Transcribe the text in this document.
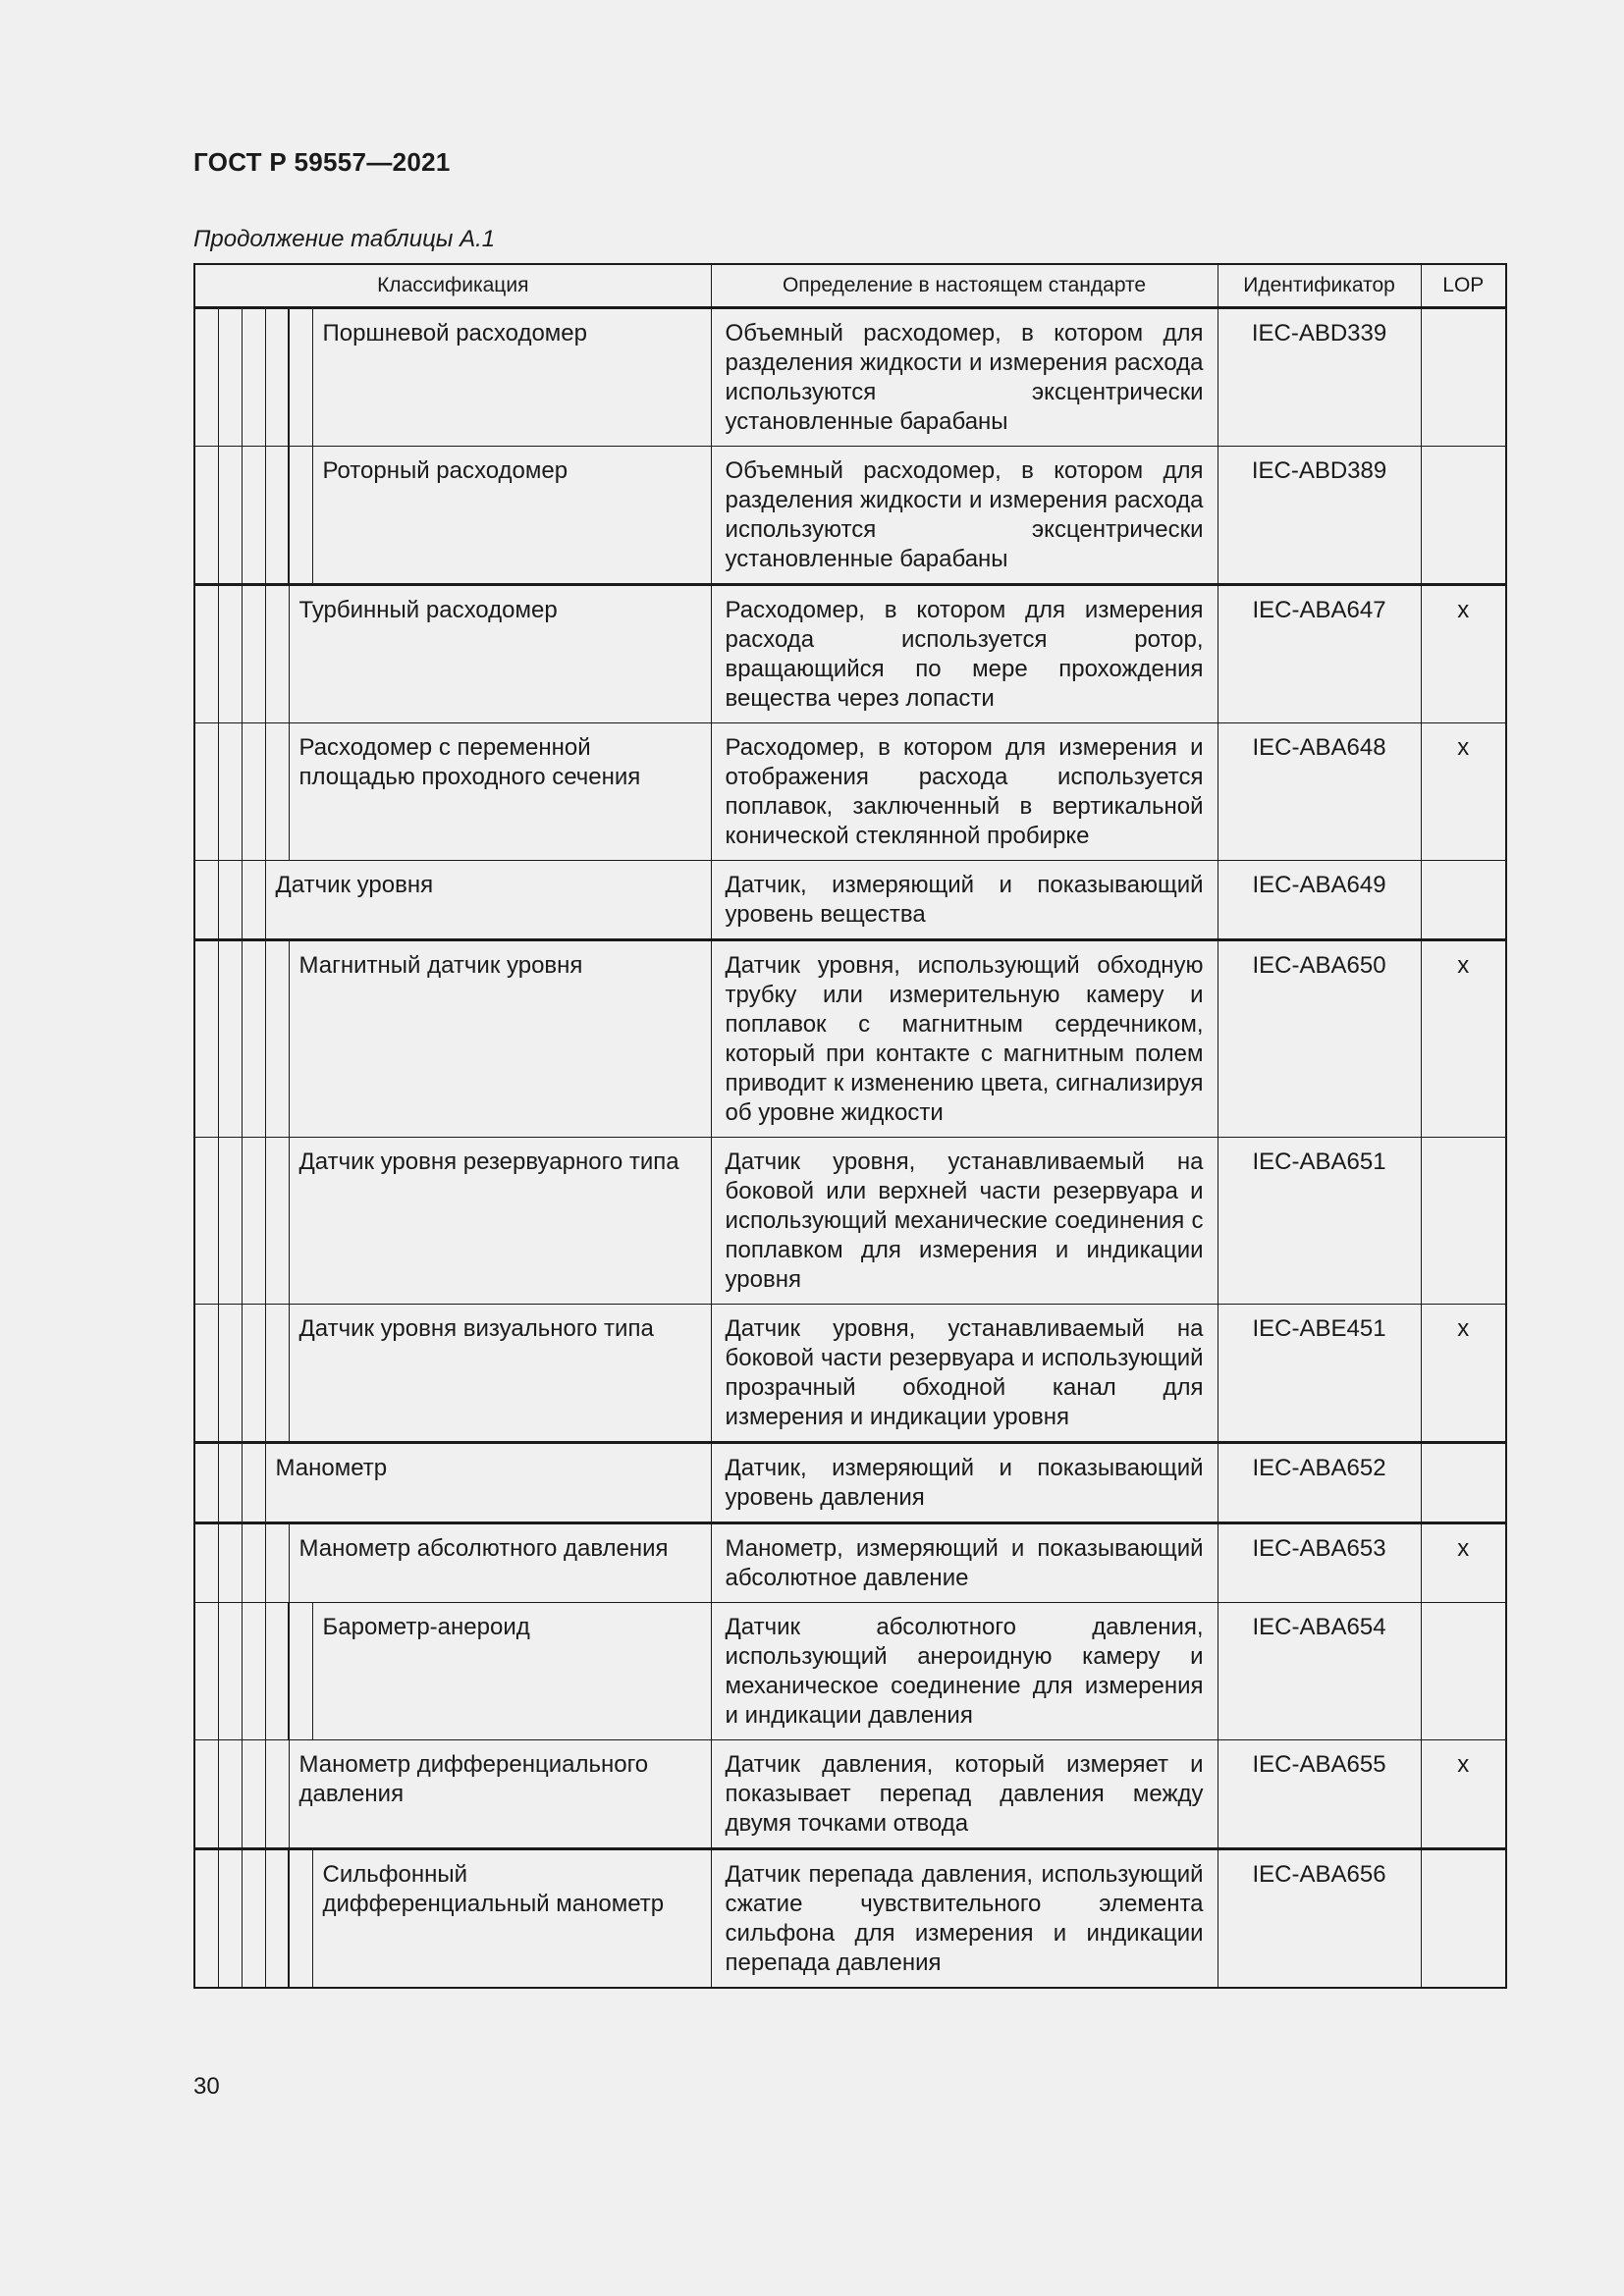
ГОСТ Р 59557—2021
Продолжение таблицы А.1
Классификация						Определение в настоящем стандарте	Идентификатор	LOP
					Поршневой расходомер	Объемный расходомер, в котором для разделения жидкости и измерения расхода используются эксцентрически установленные барабаны	IEC-ABD339	
					Роторный расходомер	Объемный расходомер, в котором для разделения жидкости и измерения расхода используются эксцентрически установленные барабаны	IEC-ABD389	
				Турбинный расходомер		Расходомер, в котором для измерения расхода используется ротор, вращающийся по мере прохождения вещества через лопасти	IEC-ABA647	x
				Расходомер с переменной площадью проходного сечения		Расходомер, в котором для измерения и отображения расхода используется поплавок, заключенный в вертикальной конической стеклянной пробирке	IEC-ABA648	x
			Датчик уровня			Датчик, измеряющий и показывающий уровень вещества	IEC-ABA649	
				Магнитный датчик уровня		Датчик уровня, использующий обходную трубку или измерительную камеру и поплавок с магнитным сердечником, который при контакте с магнитным полем приводит к изменению цвета, сигнализируя об уровне жидкости	IEC-ABA650	x
				Датчик уровня резервуарного типа		Датчик уровня, устанавливаемый на боковой или верхней части резервуара и использующий механические соединения с поплавком для измерения и индикации уровня	IEC-ABA651	
				Датчик уровня визуального типа		Датчик уровня, устанавливаемый на боковой части резервуара и использующий прозрачный обходной канал для измерения и индикации уровня	IEC-ABE451	x
			Манометр			Датчик, измеряющий и показывающий уровень давления	IEC-ABA652	
				Манометр абсолютного давления		Манометр, измеряющий и показывающий абсолютное давление	IEC-ABA653	x
					Барометр-анероид	Датчик абсолютного давления, использующий анероидную камеру и механическое соединение для измерения и индикации давления	IEC-ABA654	
				Манометр дифференциального давления		Датчик давления, который измеряет и показывает перепад давления между двумя точками отвода	IEC-ABA655	x
					Сильфонный дифференциальный манометр	Датчик перепада давления, использующий сжатие чувствительного элемента сильфона для измерения и индикации перепада давления	IEC-ABA656	
30
